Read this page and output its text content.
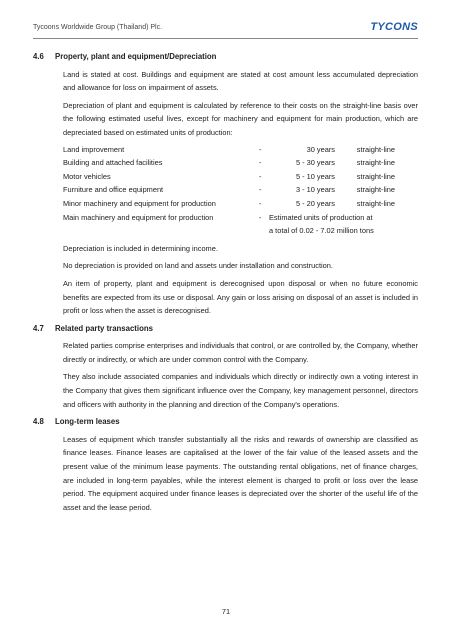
Tycoons Worldwide Group (Thailand) Plc.	TYCONS
4.6	Property, plant and equipment/Depreciation
Land is stated at cost. Buildings and equipment are stated at cost amount less accumulated depreciation and allowance for loss on impairment of assets.
Depreciation of plant and equipment is calculated by reference to their costs on the straight-line basis over the following estimated useful lives, except for machinery and equipment for main production, which are depreciated based on estimated units of production:
Land improvement	-	30 years	straight-line
Building and attached facilities	-	5 - 30 years	straight-line
Motor vehicles	-	5 - 10 years	straight-line
Furniture and office equipment	-	3 - 10 years	straight-line
Minor machinery and equipment for production	-	5 - 20 years	straight-line
Main machinery and equipment for production	-	Estimated units of production at
a total of 0.02 - 7.02 million tons
Depreciation is included in determining income.
No depreciation is provided on land and assets under installation and construction.
An item of property, plant and equipment is derecognised upon disposal or when no future economic benefits are expected from its use or disposal. Any gain or loss arising on disposal of an asset is included in profit or loss when the asset is derecognised.
4.7	Related party transactions
Related parties comprise enterprises and individuals that control, or are controlled by, the Company, whether directly or indirectly, or which are under common control with the Company.
They also include associated companies and individuals which directly or indirectly own a voting interest in the Company that gives them significant influence over the Company, key management personnel, directors and officers with authority in the planning and direction of the Company's operations.
4.8	Long-term leases
Leases of equipment which transfer substantially all the risks and rewards of ownership are classified as finance leases. Finance leases are capitalised at the lower of the fair value of the leased assets and the present value of the minimum lease payments. The outstanding rental obligations, net of finance charges, are included in long-term payables, while the interest element is charged to profit or loss over the lease period. The equipment acquired under finance leases is depreciated over the shorter of the useful life of the asset and the lease period.
71
